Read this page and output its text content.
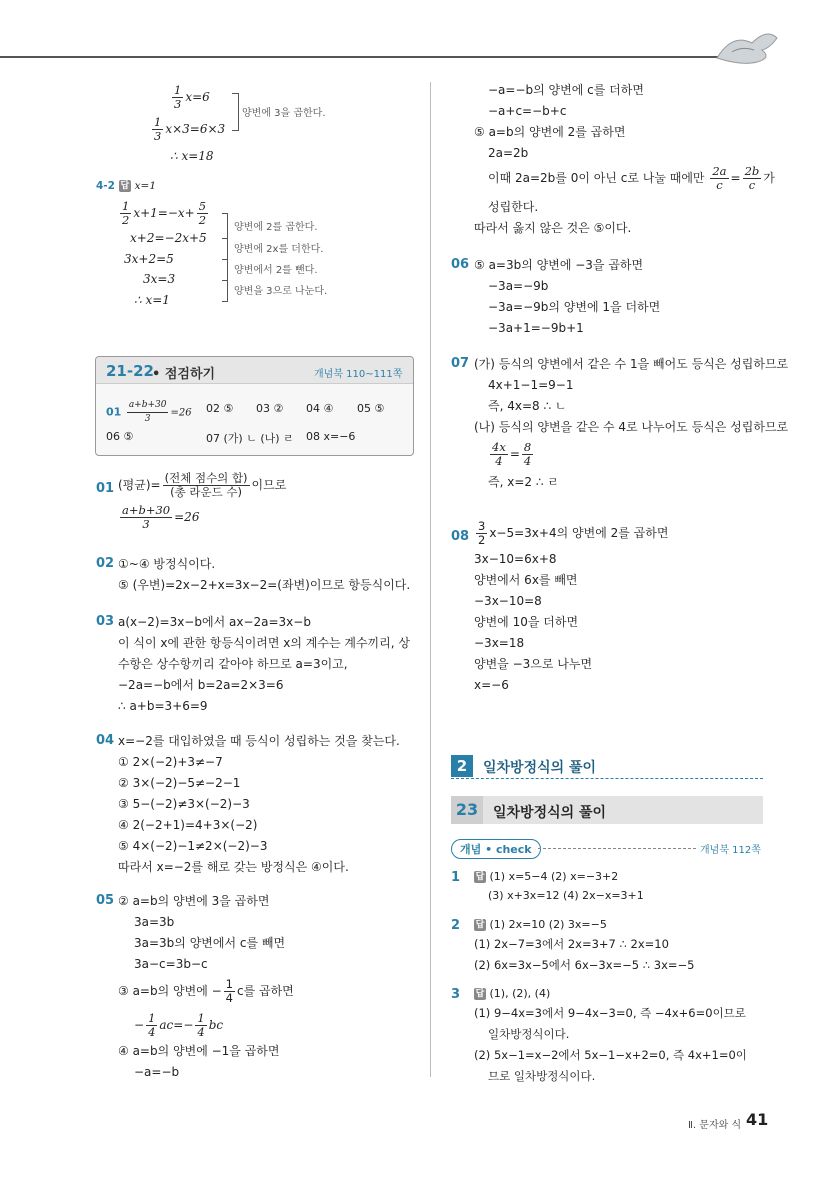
$\frac{1}{3} x=6$
$\frac{1}{3} x\times 3=6\times 3$
∴ x=18
양변에 3을 곱한다.
4-2 답 x=1
$\frac{1}{2} x+1=-x+ \frac{5}{2}$
x+2=−2x+5
3x+2=5
3x=3
∴ x=1
양변에 2를 곱한다.
양변에 2x를 더한다.
양변에서 2를 뺀다.
양변을 3으로 나눈다.
21-22
• 점검하기	개념북 110~111쪽
$01 \frac{a+b+30}{3} =26$ 02 ⑤ 03 ② 04 ④ 05 ⑤
06 ⑤	07 (가) ㄴ (나) ㄹ 08 x=−6
01 (평균)= $\frac{\text{(전체 점수의 합)}}{\text{(총 라운드 수)}}$ 이므로
$\frac{a+b+30}{3} =26$
02 ①~④ 방정식이다.
⑤ (우변)=2x−2+x=3x−2=(좌변)이므로 항등식이다.
03 a(x−2)=3x−b에서 ax−2a=3x−b
이 식이 x에 관한 항등식이려면 x의 계수는 계수끼리, 상
수항은 상수항끼리 같아야 하므로 a=3이고,
−2a=−b에서 b=2a=2×3=6
∴ a+b=3+6=9
04 x=−2를 대입하였을 때 등식이 성립하는 것을 찾는다.
① 2×(−2)+3≠−7
② 3×(−2)−5≠−2−1
③ 5−(−2)≠3×(−2)−3
④ 2(−2+1)=4+3×(−2)
⑤ 4×(−2)−1≠2×(−2)−3
따라서 x=−2를 해로 갖는 방정식은 ④이다.
05 ② a=b의 양변에 3을 곱하면
3a=3b
3a=3b의 양변에서 c를 빼면
3a−c=3b−c
③ a=b의 양변에 − $\frac{1}{4}$ c를 곱하면
− $\frac{1}{4} ac=- \frac{1}{4}$ bc
④ a=b의 양변에 −1을 곱하면
−a=−b
−a=−b의 양변에 c를 더하면
−a+c=−b+c
⑤ a=b의 양변에 2를 곱하면
2a=2b
이때 2a=2b를 0이 아닌 c로 나눌 때에만 $\frac{2a}{c} = \frac{2b}{c}$ 가
성립한다.
따라서 옳지 않은 것은 ⑤이다.
06 ⑤ a=3b의 양변에 −3을 곱하면
−3a=−9b
−3a=−9b의 양변에 1을 더하면
−3a+1=−9b+1
07 (가) 등식의 양변에서 같은 수 1을 빼어도 등식은 성립하므로
4x+1−1=9−1
즉, 4x=8 ∴ ㄴ
(나) 등식의 양변을 같은 수 4로 나누어도 등식은 성립하므로
$\frac{4x}{4} = \frac{8}{4}$
즉, x=2 ∴ ㄹ
$08 \frac{3}{2} x-5=3x+4$의 양변에 2를 곱하면
3x−10=6x+8
양변에서 6x를 빼면
−3x−10=8
양변에 10을 더하면
−3x=18
양변을 −3으로 나누면
x=−6
2	일차방정식의 풀이
23	일차방정식의 풀이
개념 • check	개념북 112쪽
1 답 (1) x=5−4 (2) x=−3+2
(3) x+3x=12 (4) 2x−x=3+1
2 답 (1) 2x=10 (2) 3x=−5
(1) 2x−7=3에서 2x=3+7 ∴ 2x=10
(2) 6x=3x−5에서 6x−3x=−5 ∴ 3x=−5
3 답 (1), (2), (4)
(1) 9−4x=3에서 9−4x−3=0, 즉 −4x+6=0이므로
일차방정식이다.
(2) 5x−1=x−2에서 5x−1−x+2=0, 즉 4x+1=0이
므로 일차방정식이다.
Ⅱ. 문자와 식 41
